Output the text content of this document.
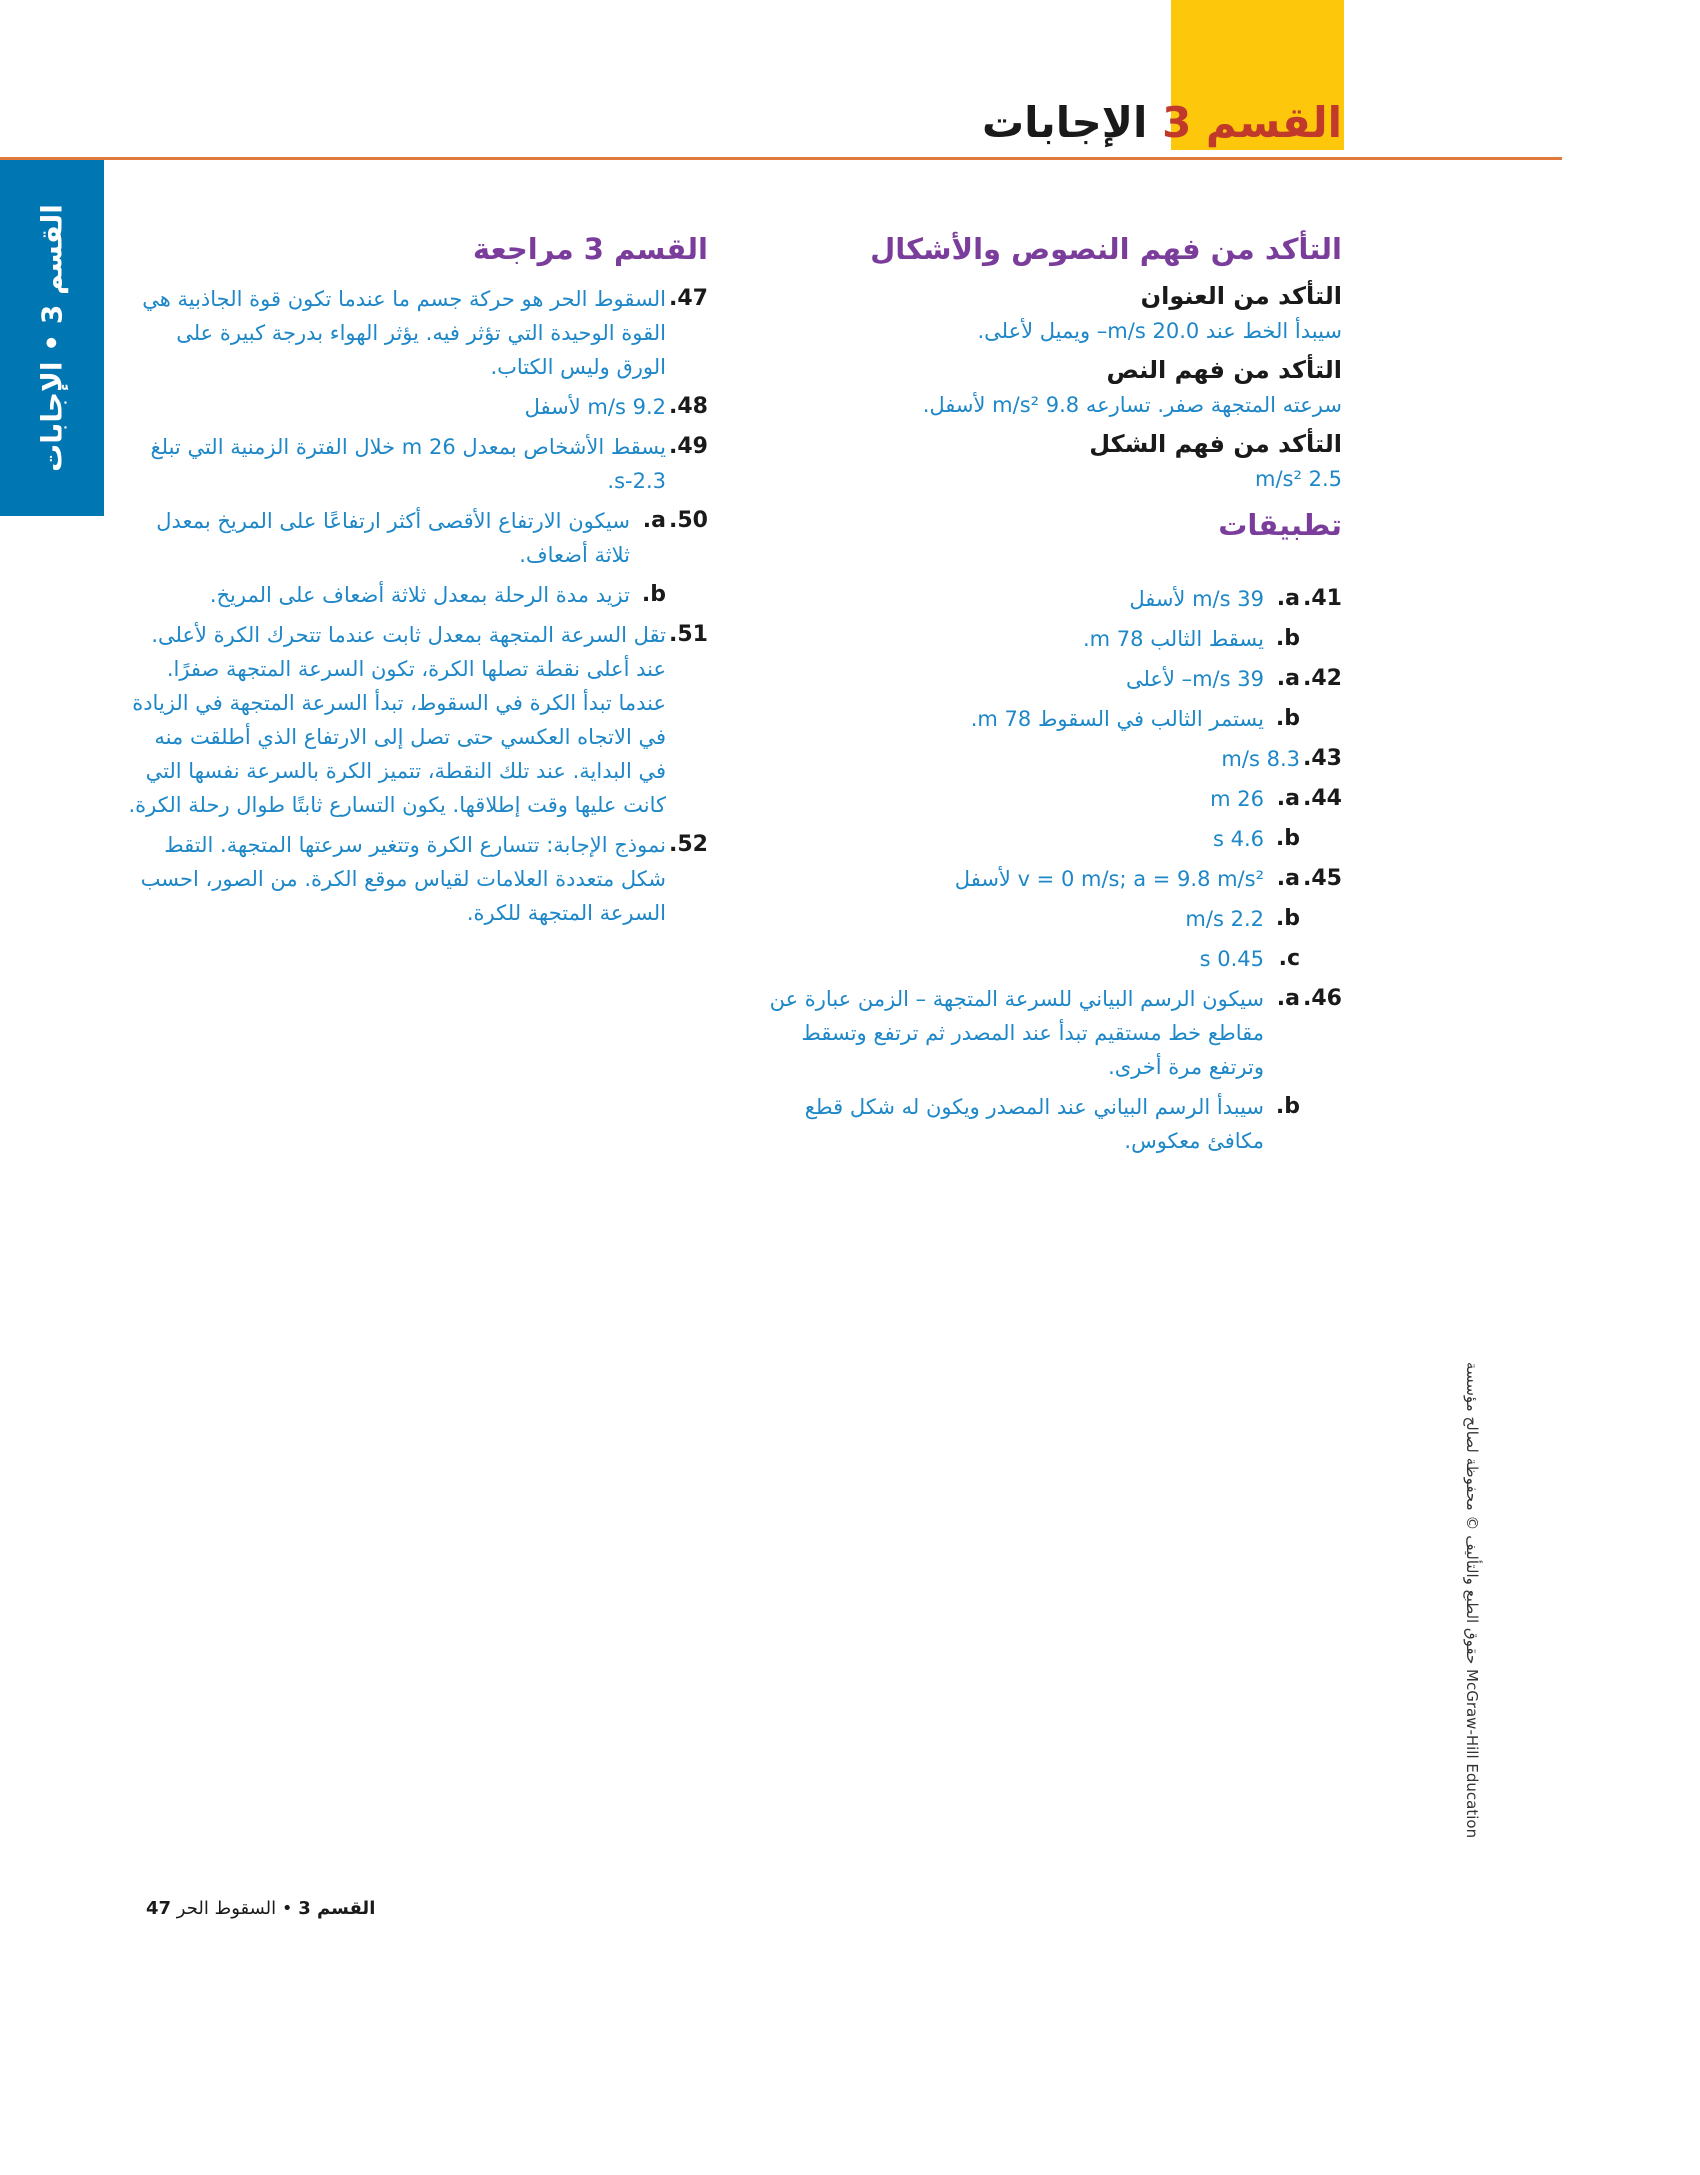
القسم 3 الإجابات
القسم 3 • الإجابات	التأكد من فهم النصوص والأشكال
التأكد من العنوان
سيبدأ الخط عند 20.0 m/s– ويميل لأعلى.
التأكد من فهم النص
سرعته المتجهة صفر. تسارعه 9.8 m/s² لأسفل.
التأكد من فهم الشكل
2.5 m/s²
تطبيقات
41.
a.
39 m/s لأسفل
b.
يسقط الثالب 78 m.
42.
a.
39 m/s– لأعلى
b.
يستمر الثالب في السقوط 78 m.
43.
8.3 m/s
44.
a.
26 m
b.
4.6 s
45.
a.
v = 0 m/s; a = 9.8 m/s² لأسفل
b.
2.2 m/s
c.
0.45 s
46.
a.
سيكون الرسم البياني للسرعة المتجهة – الزمن عبارة عن مقاطع خط مستقيم تبدأ عند المصدر ثم ترتفع وتسقط وترتفع مرة أخرى.
b.
سيبدأ الرسم البياني عند المصدر ويكون له شكل قطع مكافئ معكوس.
القسم 3 مراجعة
47.
السقوط الحر هو حركة جسم ما عندما تكون قوة الجاذبية هي القوة الوحيدة التي تؤثر فيه. يؤثر الهواء بدرجة كبيرة على الورق وليس الكتاب.
48.
9.2 m/s لأسفل
49.
يسقط الأشخاص بمعدل 26 m خلال الفترة الزمنية التي تبلغ 2.3-s.
50.
a.
سيكون الارتفاع الأقصى أكثر ارتفاعًا على المريخ بمعدل ثلاثة أضعاف.
b.
تزيد مدة الرحلة بمعدل ثلاثة أضعاف على المريخ.
51.
تقل السرعة المتجهة بمعدل ثابت عندما تتحرك الكرة لأعلى. عند أعلى نقطة تصلها الكرة، تكون السرعة المتجهة صفرًا. عندما تبدأ الكرة في السقوط، تبدأ السرعة المتجهة في الزيادة في الاتجاه العكسي حتى تصل إلى الارتفاع الذي أطلقت منه في البداية. عند تلك النقطة، تتميز الكرة بالسرعة نفسها التي كانت عليها وقت إطلاقها. يكون التسارع ثابتًا طوال رحلة الكرة.
52.
نموذج الإجابة: تتسارع الكرة وتتغير سرعتها المتجهة. التقط شكل متعددة العلامات لقياس موقع الكرة. من الصور، احسب السرعة المتجهة للكرة.
القسم 3 • السقوط الحر 47
حقوق الطبع والتأليف © محفوظة لصالح مؤسسة McGraw-Hill Education
